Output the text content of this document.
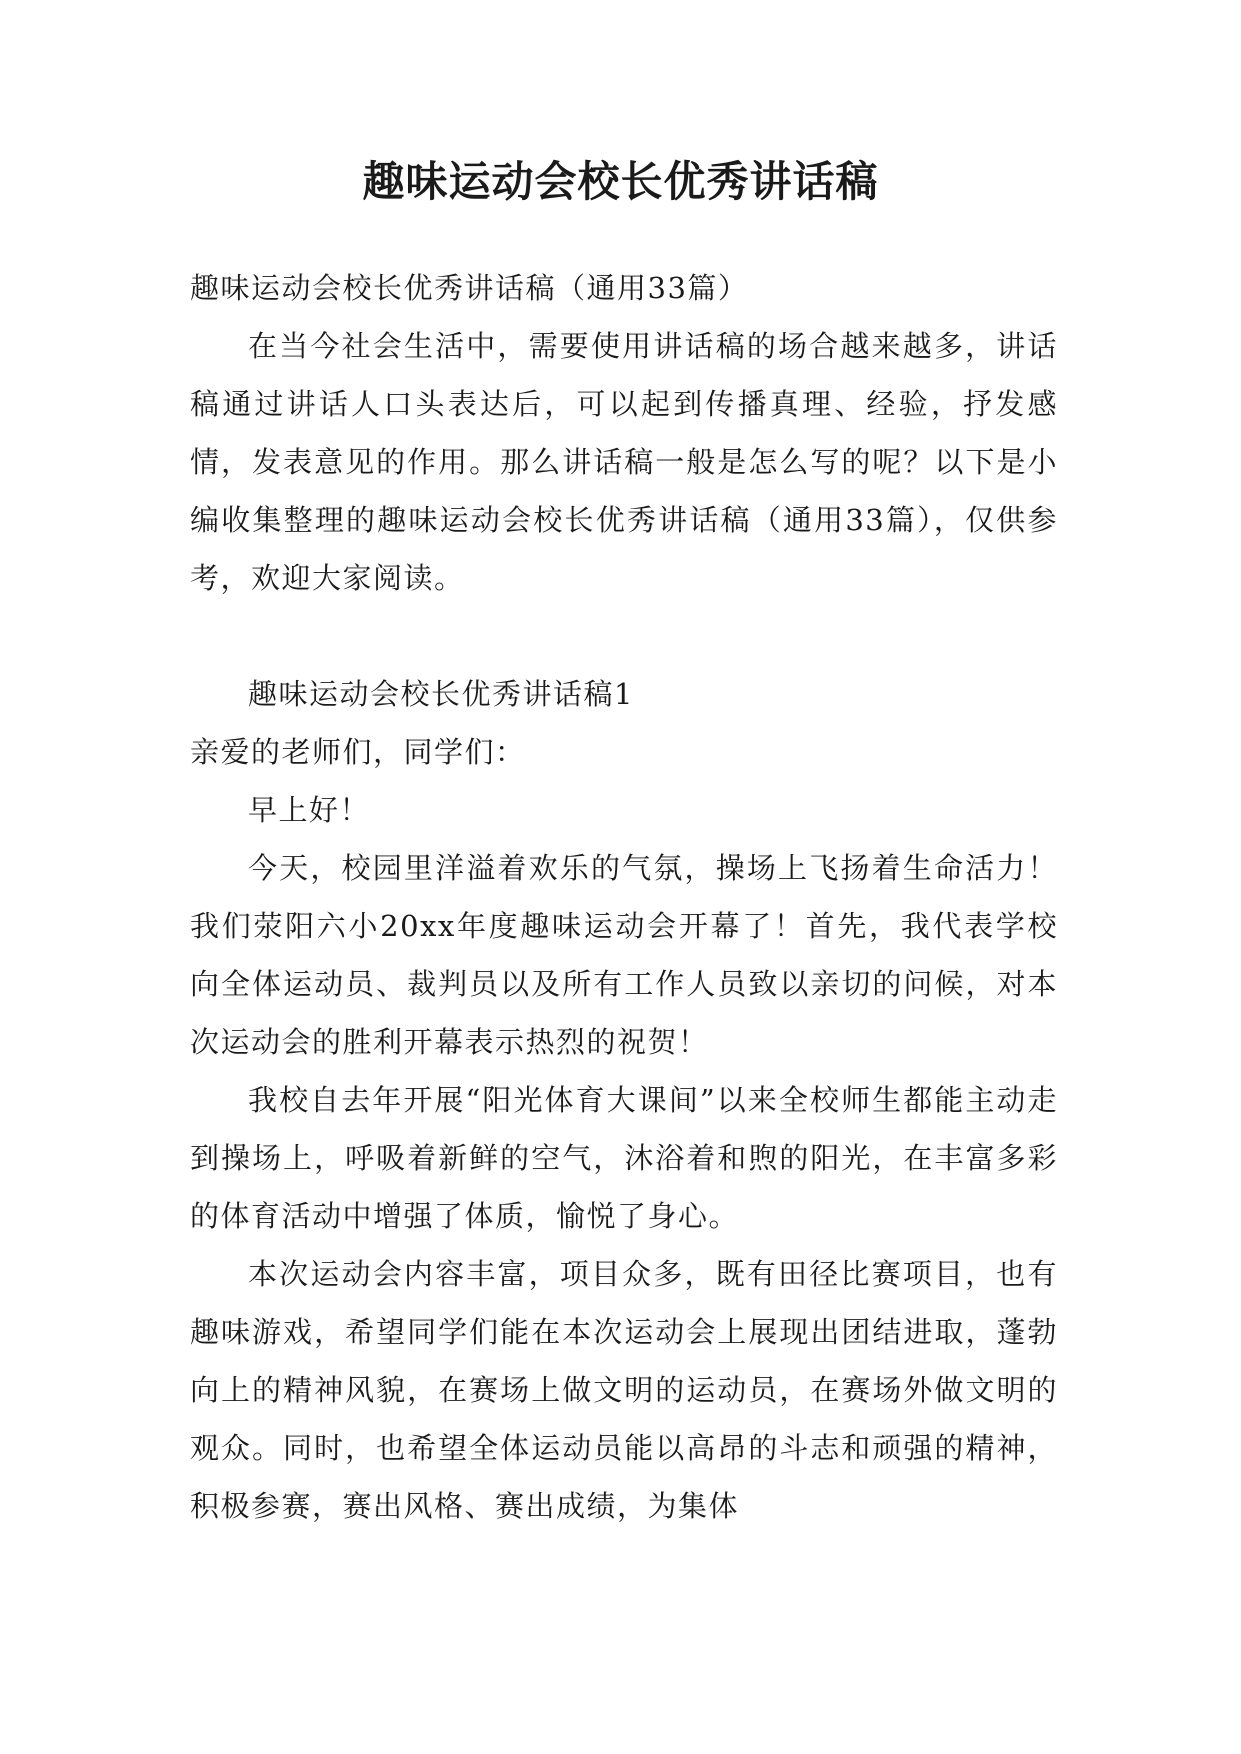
趣味运动会校长优秀讲话稿

趣味运动会校长优秀讲话稿（通用33篇）

在当今社会生活中，需要使用讲话稿的场合越来越多，讲话稿通过讲话人口头表达后，可以起到传播真理、经验，抒发感情，发表意见的作用。那么讲话稿一般是怎么写的呢？以下是小编收集整理的趣味运动会校长优秀讲话稿（通用33篇），仅供参考，欢迎大家阅读。

趣味运动会校长优秀讲话稿1

亲爱的老师们，同学们：

早上好！

今天，校园里洋溢着欢乐的气氛，操场上飞扬着生命活力！我们荥阳六小20xx年度趣味运动会开幕了！首先，我代表学校向全体运动员、裁判员以及所有工作人员致以亲切的问候，对本次运动会的胜利开幕表示热烈的祝贺！

我校自去年开展“阳光体育大课间”以来全校师生都能主动走到操场上，呼吸着新鲜的空气，沐浴着和煦的阳光，在丰富多彩的体育活动中增强了体质，愉悦了身心。

本次运动会内容丰富，项目众多，既有田径比赛项目，也有趣味游戏，希望同学们能在本次运动会上展现出团结进取，蓬勃向上的精神风貌，在赛场上做文明的运动员，在赛场外做文明的观众。同时，也希望全体运动员能以高昂的斗志和顽强的精神，积极参赛，赛出风格、赛出成绩，为集体
